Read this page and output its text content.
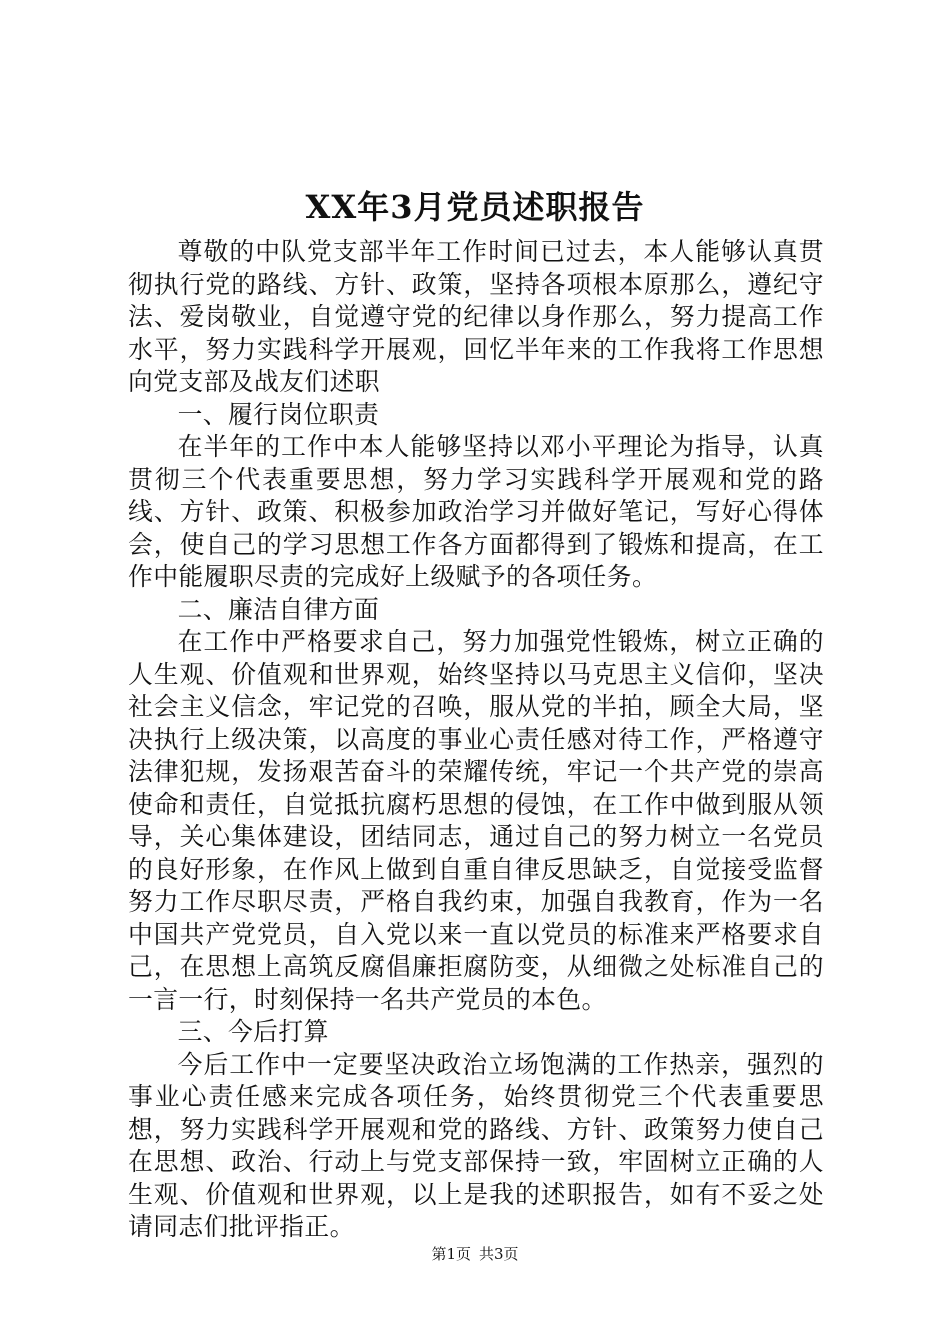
XX年3月党员述职报告

尊敬的中队党支部半年工作时间已过去，本人能够认真贯彻执行党的路线、方针、政策，坚持各项根本原那么，遵纪守法、爱岗敬业，自觉遵守党的纪律以身作那么，努力提高工作水平，努力实践科学开展观，回忆半年来的工作我将工作思想向党支部及战友们述职

一、履行岗位职责

在半年的工作中本人能够坚持以邓小平理论为指导，认真贯彻三个代表重要思想，努力学习实践科学开展观和党的路线、方针、政策、积极参加政治学习并做好笔记，写好心得体会，使自己的学习思想工作各方面都得到了锻炼和提高，在工作中能履职尽责的完成好上级赋予的各项任务。

二、廉洁自律方面

在工作中严格要求自己，努力加强党性锻炼，树立正确的人生观、价值观和世界观，始终坚持以马克思主义信仰，坚决社会主义信念，牢记党的召唤，服从党的半拍，顾全大局，坚决执行上级决策，以高度的事业心责任感对待工作，严格遵守法律犯规，发扬艰苦奋斗的荣耀传统，牢记一个共产党的崇高使命和责任，自觉抵抗腐朽思想的侵蚀，在工作中做到服从领导，关心集体建设，团结同志，通过自己的努力树立一名党员的良好形象，在作风上做到自重自律反思缺乏，自觉接受监督努力工作尽职尽责，严格自我约束，加强自我教育，作为一名中国共产党党员，自入党以来一直以党员的标准来严格要求自己，在思想上高筑反腐倡廉拒腐防变，从细微之处标准自己的一言一行，时刻保持一名共产党员的本色。

三、今后打算

今后工作中一定要坚决政治立场饱满的工作热亲，强烈的事业心责任感来完成各项任务，始终贯彻党三个代表重要思想，努力实践科学开展观和党的路线、方针、政策努力使自己在思想、政治、行动上与党支部保持一致，牢固树立正确的人生观、价值观和世界观，以上是我的述职报告，如有不妥之处请同志们批评指正。

第1页 共3页
